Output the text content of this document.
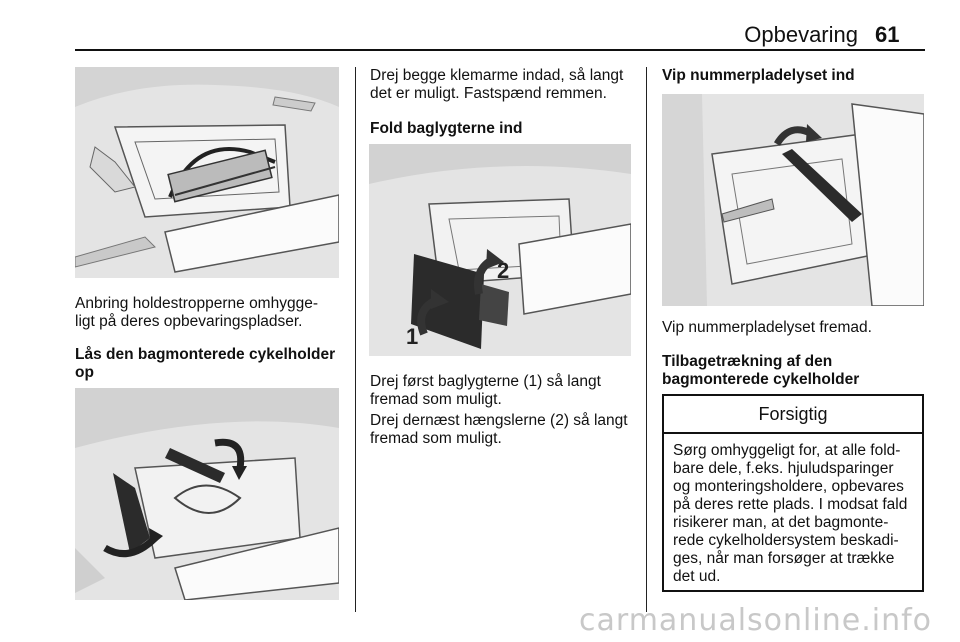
Opbevaring 61
Anbring holdestropperne omhygge-ligt på deres opbevaringspladser.
Lås den bagmonterede cykelholder op
Drej begge klemarme indad, så langt det er muligt. Fastspænd remmen.
Fold baglygterne ind
1
2
Drej først baglygterne (1) så langt fremad som muligt.
Drej dernæst hængslerne (2) så langt fremad som muligt.
Vip nummerpladelyset ind
Vip nummerpladelyset fremad.
Tilbagetrækning af den bagmonterede cykelholder
Forsigtig
Sørg omhyggeligt for, at alle fold-bare dele, f.eks. hjuludsparinger og monteringsholdere, opbevares på deres rette plads. I modsat fald risikerer man, at det bagmonte-rede cykelholdersystem beskadi-ges, når man forsøger at trække det ud.
carmanualsonline.info
